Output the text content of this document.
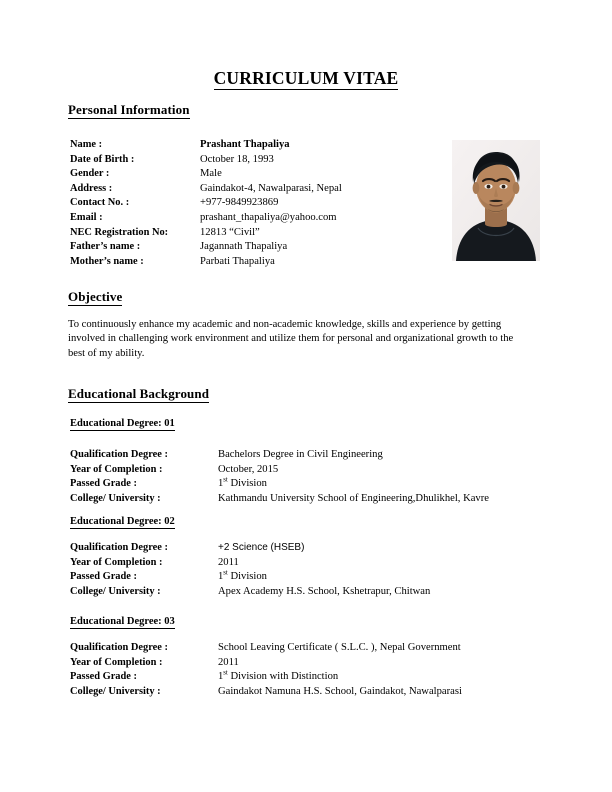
CURRICULUM VITAE
Personal Information
Name :	Prashant Thapaliya
Date of Birth :	October 18, 1993
Gender :	Male
Address :	Gaindakot-4, Nawalparasi, Nepal
Contact No. :	+977-9849923869
Email :	prashant_thapaliya@yahoo.com
NEC Registration No:	12813 “Civil”
Father’s name :	Jagannath Thapaliya
Mother’s name :	Parbati Thapaliya
Objective
To continuously enhance my academic and non-academic knowledge, skills and experience by getting involved in challenging work environment and utilize them for personal and organizational growth to the best of my ability.
Educational Background
Educational Degree: 01
Qualification Degree :	Bachelors Degree in Civil Engineering
Year of Completion :	October, 2015
Passed Grade :	1st Division
College/ University :	Kathmandu University School of Engineering,Dhulikhel, Kavre
Educational Degree: 02
Qualification Degree :	+2 Science (HSEB)
Year of Completion :	2011
Passed Grade :	1st Division
College/ University :	Apex Academy H.S. School, Kshetrapur, Chitwan
Educational Degree: 03
Qualification Degree :	School Leaving Certificate ( S.L.C. ), Nepal Government
Year of Completion :	2011
Passed Grade :	1st Division with Distinction
College/ University :	Gaindakot Namuna H.S. School, Gaindakot, Nawalparasi
